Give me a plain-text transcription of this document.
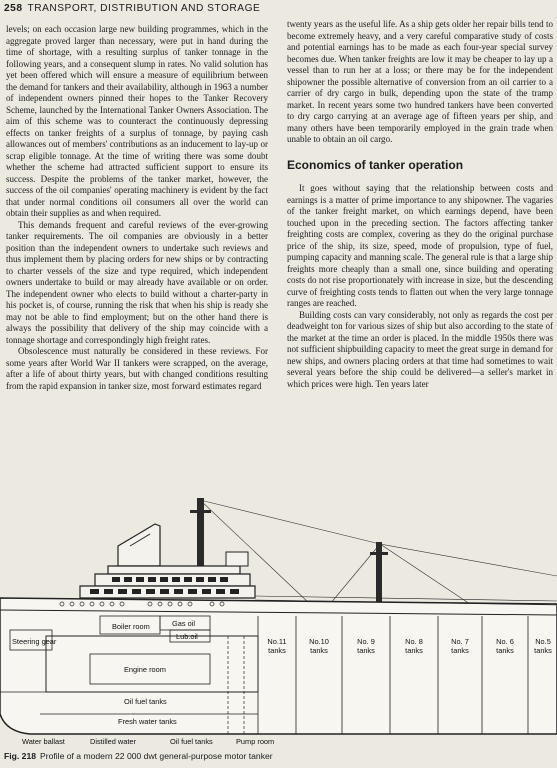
258 TRANSPORT, DISTRIBUTION AND STORAGE

levels; on each occasion large new building programmes, which in the aggregate proved larger than necessary, were put in hand during the time of shortage, with a resulting surplus of tanker tonnage in the following years, and a consequent slump in rates. No valid solution has yet been offered which will ensure a measure of equilibrium between the demand for tankers and their availability, although in 1963 a number of independent owners pinned their hopes to the Tanker Recovery Scheme, launched by the International Tanker Owners Association. The aim of this scheme was to counteract the continuously depressing effects on tanker freights of a surplus of tonnage, by paying cash allowances out of members' contributions as an inducement to lay-up or scrap eligible tonnage. At the time of writing there was some doubt whether the scheme had attracted sufficient support to ensure its success. Despite the problems of the tanker market, however, the success of the oil companies' operating machinery is evident by the fact that under normal conditions oil consumers all over the world can obtain their supplies as and when required.

This demands frequent and careful reviews of the ever-growing tanker requirements. The oil companies are obviously in a better position than the independent owners to undertake such reviews and thus implement them by placing orders for new ships or by contracting to charter vessels of the size and type required, which independent owners undertake to build or may already have available or on order. The independent owner who elects to build without a charter-party in his pocket is, of course, running the risk that when his ship is ready she may not be able to find employment; but on the other hand there is always the possibility that delivery of the ship may coincide with a tonnage shortage and correspondingly high freight rates.

Obsolescence must naturally be considered in these reviews. For some years after World War II tankers were scrapped, on the average, after a life of about thirty years, but with changed conditions resulting from the rapid expansion in tanker size, most forward estimates regard

twenty years as the useful life. As a ship gets older her repair bills tend to become extremely heavy, and a very careful comparative study of costs and potential earnings has to be made as each four-year special survey becomes due. When tanker freights are low it may be cheaper to lay up a vessel than to run her at a loss; or there may be for the independent shipowner the possible alternative of conversion from an oil carrier to a carrier of dry cargo in bulk, depending upon the state of the tramp market. In recent years some two hundred tankers have been converted to dry cargo carrying at an average age of fifteen years per ship, and many others have been temporarily employed in the grain trade when unable to obtain an oil cargo.

Economics of tanker operation

It goes without saying that the relationship between costs and earnings is a matter of prime importance to any shipowner. The vagaries of the tanker freight market, on which earnings depend, have been touched upon in the preceding section. The factors affecting tanker freighting costs are complex, covering as they do the original purchase price of the ship, its size, speed, mode of propulsion, type of fuel, pumping capacity and manning scale. The general rule is that a large ship freights more cheaply than a small one, since building and operating costs do not rise proportionately with increase in size, but the descending curve of freighting costs tends to flatten out when the very large tonnage ranges are reached.

Building costs can vary considerably, not only as regards the cost per deadweight ton for various sizes of ship but also according to the state of the market at the time an order is placed. In the middle 1950s there was not sufficient shipbuilding capacity to meet the great surge in demand for new ships, and owners placing orders at that time had sometimes to wait several years before the ship could be delivered—a seller's market in which prices were high. Ten years later

Steering gear
Boiler room	Gas oil
Lub.oil
Engine room
Oil fuel tanks
Fresh water tanks
Water ballast	Distilled water	Oil fuel tanks	Pump room
No.11
tanks
No.10
tanks
No. 9
tanks
No. 8
tanks
No. 7
tanks
No. 6
tanks
No.5
tanks
Fig. 218 Profile of a modern 22 000 dwt general-purpose motor tanker
